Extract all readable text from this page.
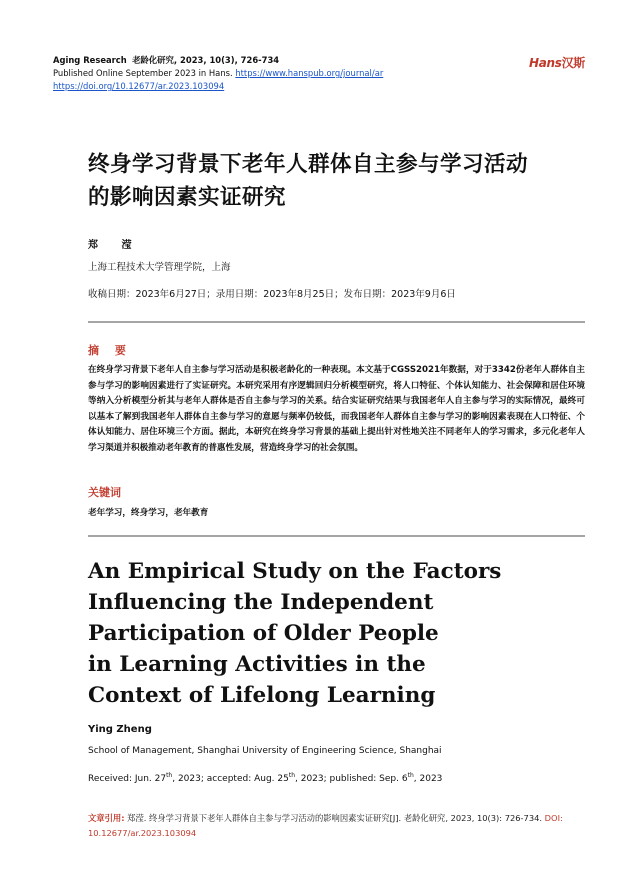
Aging Research 老龄化研究, 2023, 10(3), 726-734
Published Online September 2023 in Hans. https://www.hanspub.org/journal/ar
https://doi.org/10.12677/ar.2023.103094
Hans汉斯
终身学习背景下老年人群体自主参与学习活动
的影响因素实证研究
郑 滢
上海工程技术大学管理学院，上海
收稿日期：2023年6月27日；录用日期：2023年8月25日；发布日期：2023年9月6日
摘 要
在终身学习背景下老年人自主参与学习活动是积极老龄化的一种表现。本文基于CGSS2021年数据，对于3342份老年人群体自主参与学习的影响因素进行了实证研究。本研究采用有序逻辑回归分析模型研究，将人口特征、个体认知能力、社会保障和居住环境等纳入分析模型分析其与老年人群体是否自主参与学习的关系。结合实证研究结果与我国老年人自主参与学习的实际情况，最终可以基本了解到我国老年人群体自主参与学习的意愿与频率仍较低，而我国老年人群体自主参与学习的影响因素表现在人口特征、个体认知能力、居住环境三个方面。据此，本研究在终身学习背景的基础上提出针对性地关注不同老年人的学习需求，多元化老年人学习渠道并积极推动老年教育的普惠性发展，营造终身学习的社会氛围。
关键词
老年学习，终身学习，老年教育
An Empirical Study on the Factors
Influencing the Independent
Participation of Older People
in Learning Activities in the
Context of Lifelong Learning
Ying Zheng
School of Management, Shanghai University of Engineering Science, Shanghai
Received: Jun. 27th, 2023; accepted: Aug. 25th, 2023; published: Sep. 6th, 2023
文章引用: 郑滢. 终身学习背景下老年人群体自主参与学习活动的影响因素实证研究[J]. 老龄化研究, 2023, 10(3): 726-734. DOI: 10.12677/ar.2023.103094
